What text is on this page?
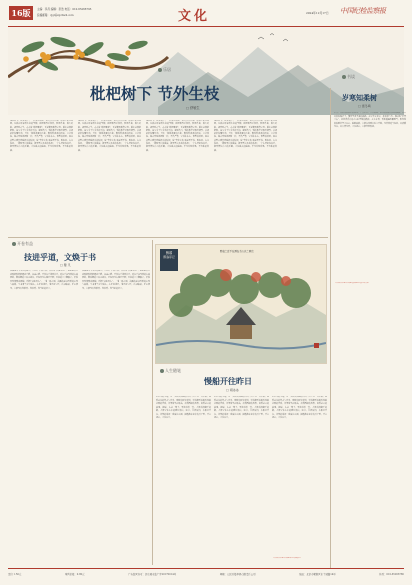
16版	主编：李丹 编辑：彭浩 电话：010-65266795
投稿邮箱：cjgl@zgzbwh.com	文化	2024年12月17日 中国纪检监察报
乐居
枇杷树下 节外生枝
□ 舒敏生
深秋时节，枇杷树下，一阵清风吹过，树叶沙沙作响。枝头上新芽初萌，仿佛在诉说着生命的坚韧。枇杷树四季常青，秋萌冬花，春实夏熟，备四时之气。古人说“枇杷晚翠”，正是赞其耐寒之性。院中这棵枇杷树，是父亲当年亲手种下的。每到冬日，别的树早已落叶凋零，它却依旧枝繁叶茂，开出一簇簇淡黄的小花，散发着淡淡的清香。父亲常说，做人要像枇杷树一样，不畏严寒，守得住本心。修剪枝条时，他总会剪去那些旁逸斜出的枝杈，说“节外生枝”最是要不得。树如此，人亦如此。一棵树要长得挺拔，就要剪去多余的枝杈；一个人要走得端正，就要管住自己的手脚，守住做人的底线，不为外物所惑，不为私欲所累。
深秋时节，枇杷树下，一阵清风吹过，树叶沙沙作响。枝头上新芽初萌，仿佛在诉说着生命的坚韧。枇杷树四季常青，秋萌冬花，春实夏熟，备四时之气。古人说“枇杷晚翠”，正是赞其耐寒之性。院中这棵枇杷树，是父亲当年亲手种下的。每到冬日，别的树早已落叶凋零，它却依旧枝繁叶茂，开出一簇簇淡黄的小花，散发着淡淡的清香。父亲常说，做人要像枇杷树一样，不畏严寒，守得住本心。修剪枝条时，他总会剪去那些旁逸斜出的枝杈，说“节外生枝”最是要不得。树如此，人亦如此。一棵树要长得挺拔，就要剪去多余的枝杈；一个人要走得端正，就要管住自己的手脚，守住做人的底线，不为外物所惑，不为私欲所累。
深秋时节，枇杷树下，一阵清风吹过，树叶沙沙作响。枝头上新芽初萌，仿佛在诉说着生命的坚韧。枇杷树四季常青，秋萌冬花，春实夏熟，备四时之气。古人说“枇杷晚翠”，正是赞其耐寒之性。院中这棵枇杷树，是父亲当年亲手种下的。每到冬日，别的树早已落叶凋零，它却依旧枝繁叶茂，开出一簇簇淡黄的小花，散发着淡淡的清香。父亲常说，做人要像枇杷树一样，不畏严寒，守得住本心。修剪枝条时，他总会剪去那些旁逸斜出的枝杈，说“节外生枝”最是要不得。树如此，人亦如此。一棵树要长得挺拔，就要剪去多余的枝杈；一个人要走得端正，就要管住自己的手脚，守住做人的底线，不为外物所惑，不为私欲所累。
深秋时节，枇杷树下，一阵清风吹过，树叶沙沙作响。枝头上新芽初萌，仿佛在诉说着生命的坚韧。枇杷树四季常青，秋萌冬花，春实夏熟，备四时之气。古人说“枇杷晚翠”，正是赞其耐寒之性。院中这棵枇杷树，是父亲当年亲手种下的。每到冬日，别的树早已落叶凋零，它却依旧枝繁叶茂，开出一簇簇淡黄的小花，散发着淡淡的清香。父亲常说，做人要像枇杷树一样，不畏严寒，守得住本心。修剪枝条时，他总会剪去那些旁逸斜出的枝杈，说“节外生枝”最是要不得。树如此，人亦如此。一棵树要长得挺拔，就要剪去多余的枝杈；一个人要走得端正，就要管住自己的手脚，守住做人的底线，不为外物所惑，不为私欲所累。
书谈
岁寒知柔树
□ 雷冬鸣
岁寒，然后知松柏之后凋也。严寒之中，万木萧疏，唯有松柏依然苍翠挺拔。古人以松柏喻君子，赞其坚贞不渝的品格。在中华文化中，松柏常与竹、梅并称“岁寒三友”，象征着高洁的志向和坚毅的精神。人生在世，难免遭遇风霜雨雪，唯有像松柏那样坚守本心、砥砺品格，方能在风雨中屹立不倒。为官者更当如此，以清廉为本，以自律为要，守住初心，方能行稳致远。
（作者单位系中央纪委国家监委宣传部）
开卷有益
技进乎道，文焕于书
□ 璧 凡
书法是中华文化的瑰宝，历经千年而不衰。古人讲“技进乎道”，意思是技艺达到极致便能通达于道。书法之道，不仅在于笔墨技巧，更在于书写者的人品修养。颜真卿的字端庄雄伟，正如其为人刚正不阿；苏轼的字丰腴跌宕，恰似其性情豁达洒脱。所谓“书如其人”，一笔一画之间，流露的是书写者的心性与品格。学书者当先学做人，心正则笔正，笔正则字正。读书临帖，正心修身，方能写出有筋骨、有温度、有气象的好字。
书法是中华文化的瑰宝，历经千年而不衰。古人讲“技进乎道”，意思是技艺达到极致便能通达于道。书法之道，不仅在于笔墨技巧，更在于书写者的人品修养。颜真卿的字端庄雄伟，正如其为人刚正不阿；苏轼的字丰腴跌宕，恰似其性情豁达洒脱。所谓“书如其人”，一笔一画之间，流露的是书写者的心性与品格。学书者当先学做人，心正则笔正，笔正则字正。读书临帖，正心修身，方能写出有筋骨、有温度、有气象的好字。
醉翁
醉翁亭记
醉翁之意不在酒在乎山水之间也
人生随笔
慢船开往昨日
□ 胡冰冰
记忆中的小镇，有一条缓缓流淌的小河。河上有一只木船，载着过往的行人与岁月。那时的时光很慢，慢得能听见船桨划破水面的声音。外婆常坐在船头，看着两岸的风景，讲着过去的故事。她说，人这一辈子，要走得慢一些，才能看清脚下的路，才能守住心中的那份清白。如今，小河依旧，木船已不在，外婆的话却一直留在心间，提醒我在匆忙的日子里，不忘初心，守住本分。
记忆中的小镇，有一条缓缓流淌的小河。河上有一只木船，载着过往的行人与岁月。那时的时光很慢，慢得能听见船桨划破水面的声音。外婆常坐在船头，看着两岸的风景，讲着过去的故事。她说，人这一辈子，要走得慢一些，才能看清脚下的路，才能守住心中的那份清白。如今，小河依旧，木船已不在，外婆的话却一直留在心间，提醒我在匆忙的日子里，不忘初心，守住本分。
记忆中的小镇，有一条缓缓流淌的小河。河上有一只木船，载着过往的行人与岁月。那时的时光很慢，慢得能听见船桨划破水面的声音。外婆常坐在船头，看着两岸的风景，讲着过去的故事。她说，人这一辈子，要走得慢一些，才能看清脚下的路，才能守住心中的那份清白。如今，小河依旧，木船已不在，外婆的话却一直留在心间，提醒我在匆忙的日子里，不忘初心，守住本分。
（作者单位系中国纪检监察报社）
定价 1.50元	零售价格：0.80元	广告经营许可：京东城市监广字20170014号	印刷：人民日报印务有限责任公司	地址：北京市朝阳区东土城路14号	传真：010-65266786
